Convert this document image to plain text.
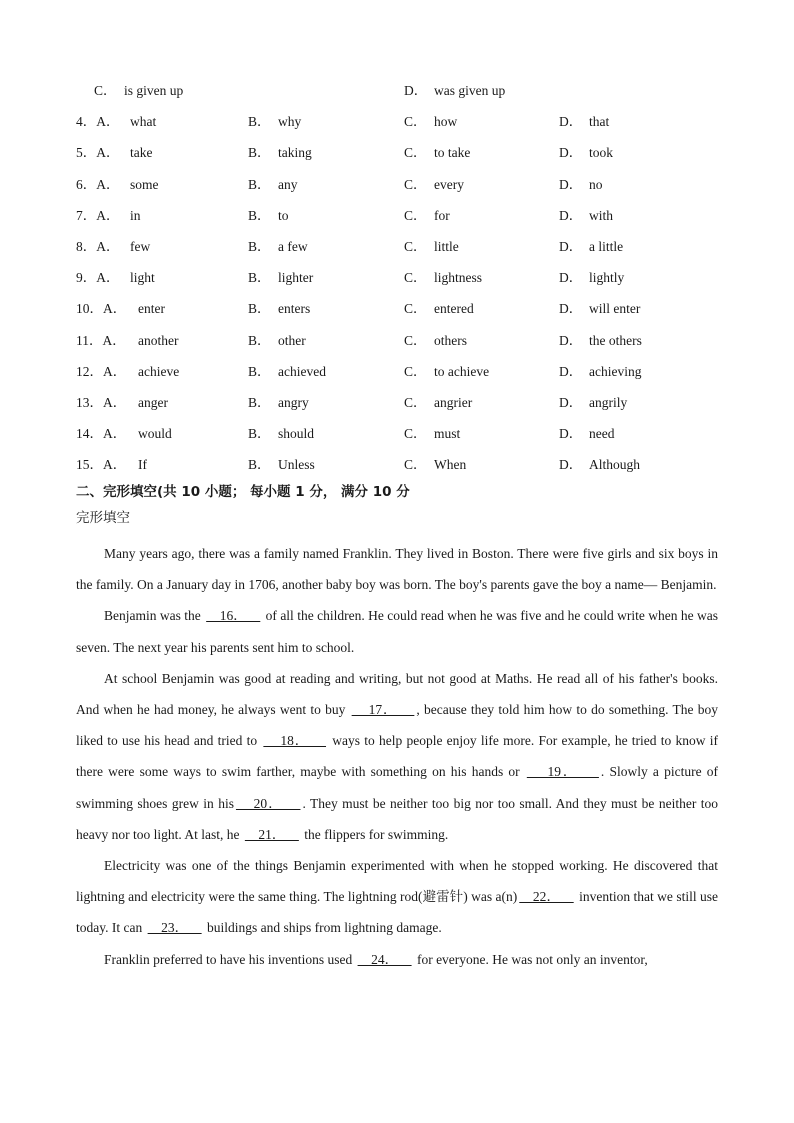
C． is given up	D． was given up
4．A． what	B． why	C． how	D． that
5．A． take	B． taking	C． to take	D． took
6．A． some	B． any	C． every	D． no
7．A． in	B． to	C． for	D． with
8．A． few	B． a few	C． little	D． a little
9．A． light	B． lighter	C． lightness	D． lightly
10．A． enter	B． enters	C． entered	D． will enter
11．A． another	B． other	C． others	D． the others
12．A． achieve	B． achieved	C． to achieve	D． achieving
13．A． anger	B． angry	C． angrier	D． angrily
14．A． would	B． should	C． must	D． need
15．A． If	B． Unless	C． When	D． Although
二、完形填空(共 10 小题； 每小题 1 分， 满分 10 分
完形填空

Many years ago, there was a family named Franklin. They lived in Boston. There were five girls and six boys in the family. On a January day in 1706, another baby boy was born. The boy's parents gave the boy a name— Benjamin.

Benjamin was the     16．     of all the children. He could read when he was five and he could write when he was seven. The next year his parents sent him to school.

At school Benjamin was good at reading and writing, but not good at Maths. He read all of his father's books. And when he had money, he always went to buy     17．    , because they told him how to do something. The boy liked to use his head and tried to     18．     ways to help people enjoy life more. For example, he tried to know if there were some ways to swim farther, maybe with something on his hands or     19．    . Slowly a picture of swimming shoes grew in his    20．    . They must be neither too big nor too small. And they must be neither too heavy nor too light. At last, he     21．     the flippers for swimming.

Electricity was one of the things Benjamin experimented with when he stopped working. He discovered that lightning and electricity were the same thing. The lightning rod(避雷针) was a(n)    22．     invention that we still use today. It can     23．     buildings and ships from lightning damage.

Franklin preferred to have his inventions used     24．     for everyone. He was not only an inventor,
